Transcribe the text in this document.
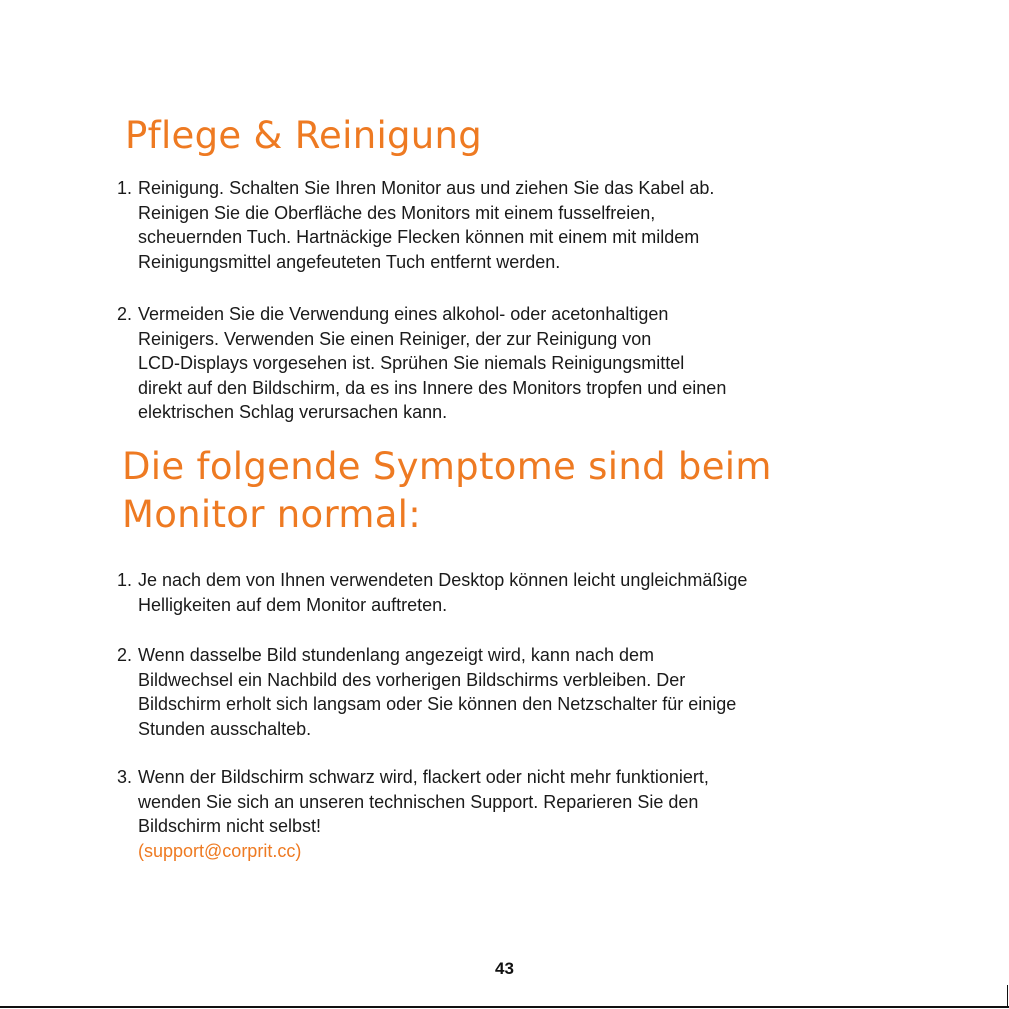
Pflege & Reinigung
1. Reinigung. Schalten Sie Ihren Monitor aus und ziehen Sie das Kabel ab.
Reinigen Sie die Oberfläche des Monitors mit einem fusselfreien,
scheuernden Tuch. Hartnäckige Flecken können mit einem mit mildem
Reinigungsmittel angefeuteten Tuch entfernt werden.
2. Vermeiden Sie die Verwendung eines alkohol- oder acetonhaltigen
Reinigers. Verwenden Sie einen Reiniger, der zur Reinigung von
LCD-Displays vorgesehen ist. Sprühen Sie niemals Reinigungsmittel
direkt auf den Bildschirm, da es ins Innere des Monitors tropfen und einen
elektrischen Schlag verursachen kann.
Die folgende Symptome sind beim
Monitor normal:
1. Je nach dem von Ihnen verwendeten Desktop können leicht ungleichmäßige
Helligkeiten auf dem Monitor auftreten.
2. Wenn dasselbe Bild stundenlang angezeigt wird, kann nach dem
Bildwechsel ein Nachbild des vorherigen Bildschirms verbleiben. Der
Bildschirm erholt sich langsam oder Sie können den Netzschalter für einige
Stunden ausschalteb.
3. Wenn der Bildschirm schwarz wird, flackert oder nicht mehr funktioniert,
wenden Sie sich an unseren technischen Support. Reparieren Sie den
Bildschirm nicht selbst!
(support@corprit.cc)
43
